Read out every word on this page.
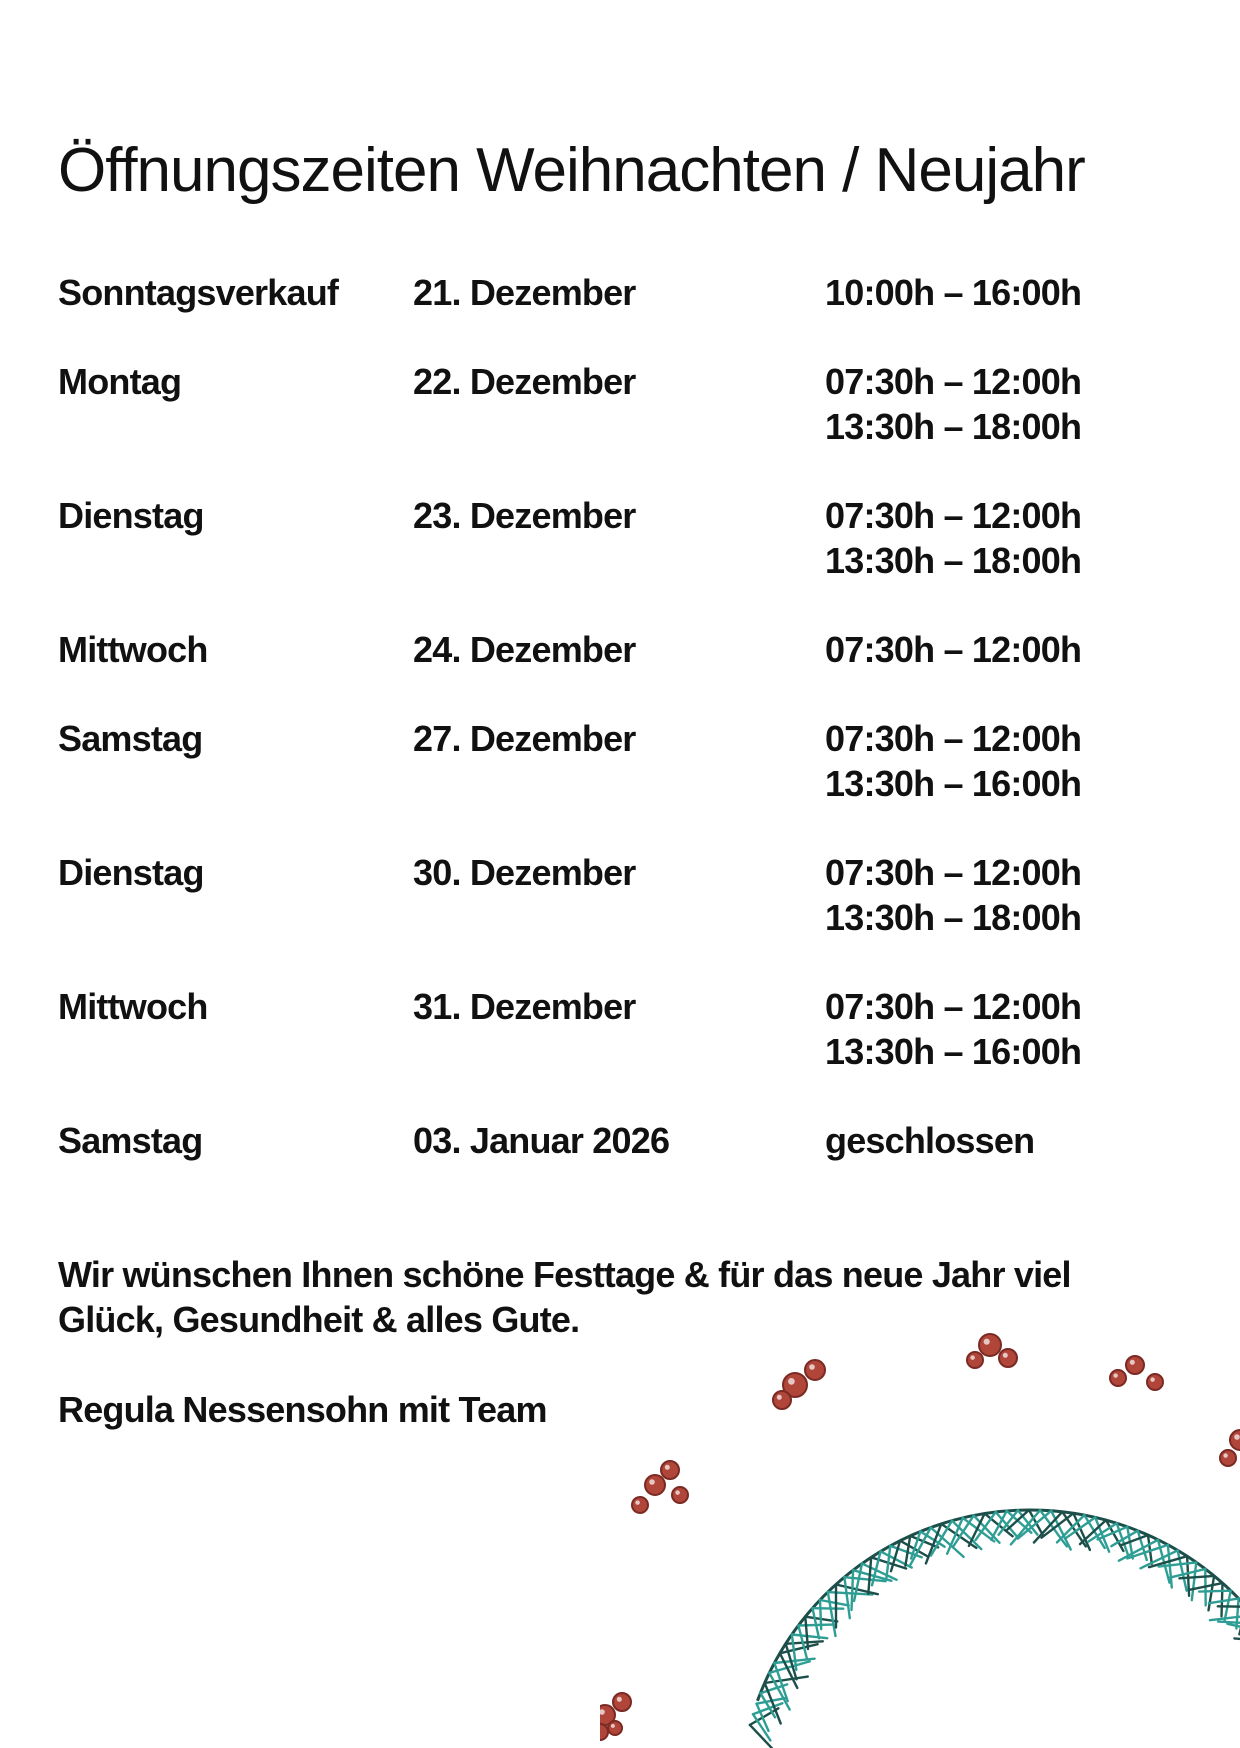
Öffnungszeiten Weihnachten / Neujahr
Sonntagsverkauf	21. Dezember	10:00h – 16:00h
Montag	22. Dezember	07:30h – 12:00h
13:30h – 18:00h
Dienstag	23. Dezember	07:30h – 12:00h
13:30h – 18:00h
Mittwoch	24. Dezember	07:30h – 12:00h
Samstag	27. Dezember	07:30h – 12:00h
13:30h – 16:00h
Dienstag	30. Dezember	07:30h – 12:00h
13:30h – 18:00h
Mittwoch	31. Dezember	07:30h – 12:00h
13:30h – 16:00h
Samstag	03. Januar 2026	geschlossen

Wir wünschen Ihnen schöne Festtage & für das neue Jahr viel Glück, Gesundheit & alles Gute.

Regula Nessensohn mit Team
